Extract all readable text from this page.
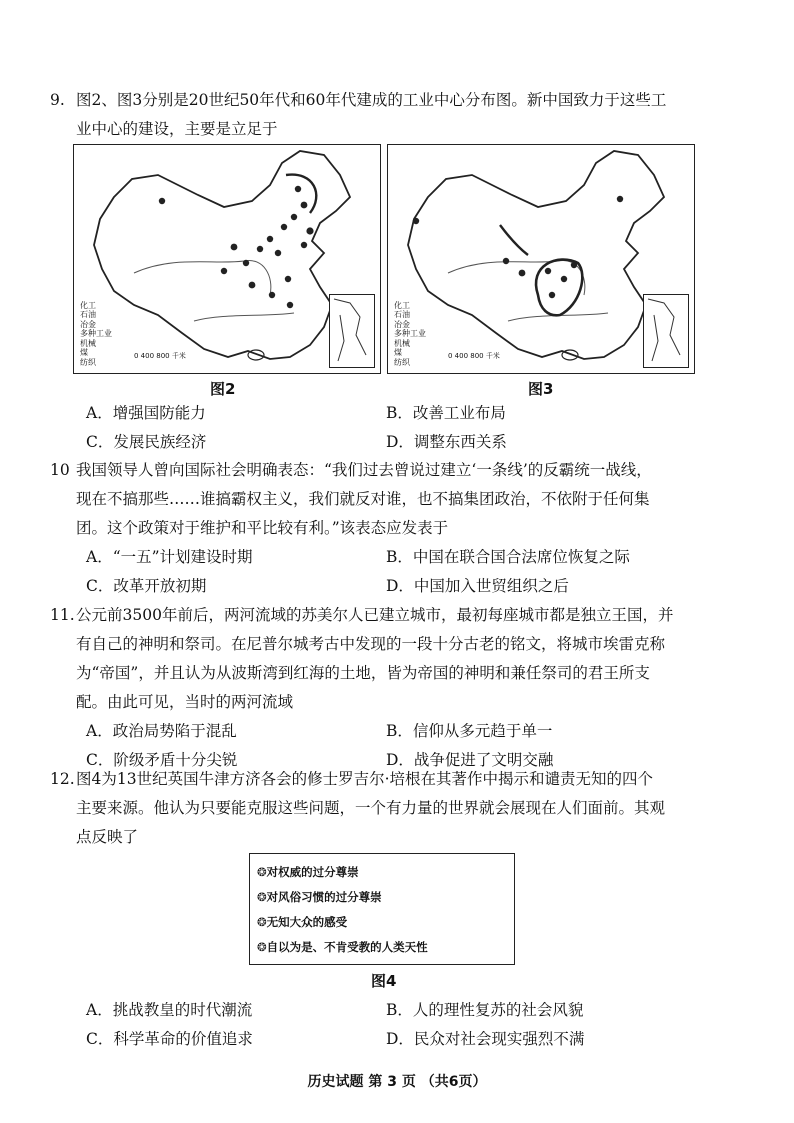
9. 图2、图3分别是20世纪50年代和60年代建成的工业中心分布图。新中国致力于这些工
业中心的建设，主要是立足于
化工
石油
冶金
多种工业
机械
煤
纺织
0 400 800 千米
图2
化工
石油
冶金
多种工业
机械
煤
纺织
0 400 800 千米
图3
A．增强国防能力	B．改善工业布局
C．发展民族经济	D．调整东西关系
10 我国领导人曾向国际社会明确表态：“我们过去曾说过建立‘一条线’的反霸统一战线，
现在不搞那些……谁搞霸权主义，我们就反对谁，也不搞集团政治，不依附于任何集
团。这个政策对于维护和平比较有利。”该表态应发表于
A．“一五”计划建设时期	B．中国在联合国合法席位恢复之际
C．改革开放初期	D．中国加入世贸组织之后
11. 公元前3500年前后，两河流域的苏美尔人已建立城市，最初每座城市都是独立王国，并
有自己的神明和祭司。在尼普尔城考古中发现的一段十分古老的铭文，将城市埃雷克称
为“帝国”，并且认为从波斯湾到红海的土地，皆为帝国的神明和兼任祭司的君王所支
配。由此可见，当时的两河流域
A．政治局势陷于混乱	B．信仰从多元趋于单一
C．阶级矛盾十分尖锐	D．战争促进了文明交融
12. 图4为13世纪英国牛津方济各会的修士罗吉尔·培根在其著作中揭示和谴责无知的四个
主要来源。他认为只要能克服这些问题，一个有力量的世界就会展现在人们面前。其观
点反映了
❂对权威的过分尊崇
❂对风俗习惯的过分尊崇
❂无知大众的感受
❂自以为是、不肯受教的人类天性
图4
A．挑战教皇的时代潮流	B．人的理性复苏的社会风貌
C．科学革命的价值追求	D．民众对社会现实强烈不满
历史试题 第 3 页 （共6页）
